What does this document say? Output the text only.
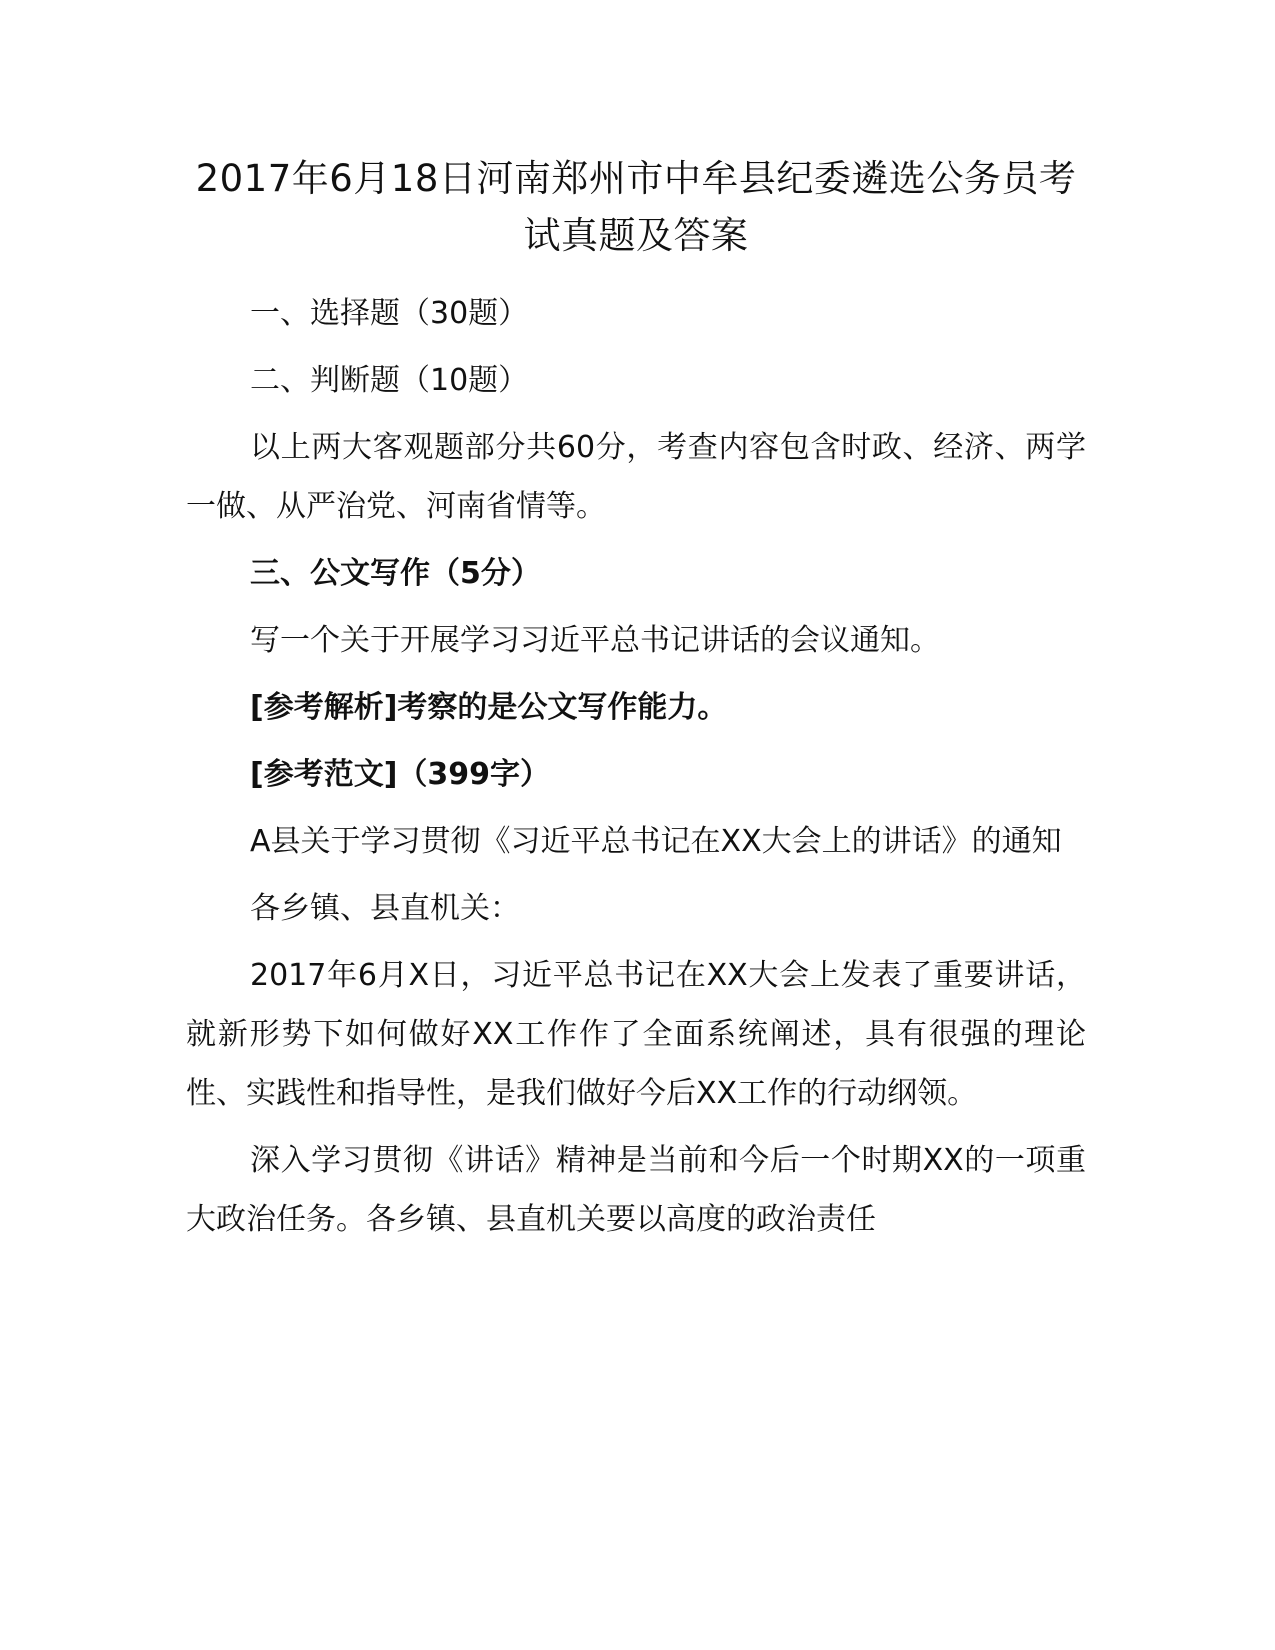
2017年6月18日河南郑州市中牟县纪委遴选公务员考试真题及答案
一、选择题（30题）
二、判断题（10题）
以上两大客观题部分共60分，考查内容包含时政、经济、两学一做、从严治党、河南省情等。
三、公文写作（5分）
写一个关于开展学习习近平总书记讲话的会议通知。
[参考解析]考察的是公文写作能力。
[参考范文]（399字）
A县关于学习贯彻《习近平总书记在XX大会上的讲话》的通知
各乡镇、县直机关：
2017年6月X日，习近平总书记在XX大会上发表了重要讲话，就新形势下如何做好XX工作作了全面系统阐述，具有很强的理论性、实践性和指导性，是我们做好今后XX工作的行动纲领。
深入学习贯彻《讲话》精神是当前和今后一个时期XX的一项重大政治任务。各乡镇、县直机关要以高度的政治责任
